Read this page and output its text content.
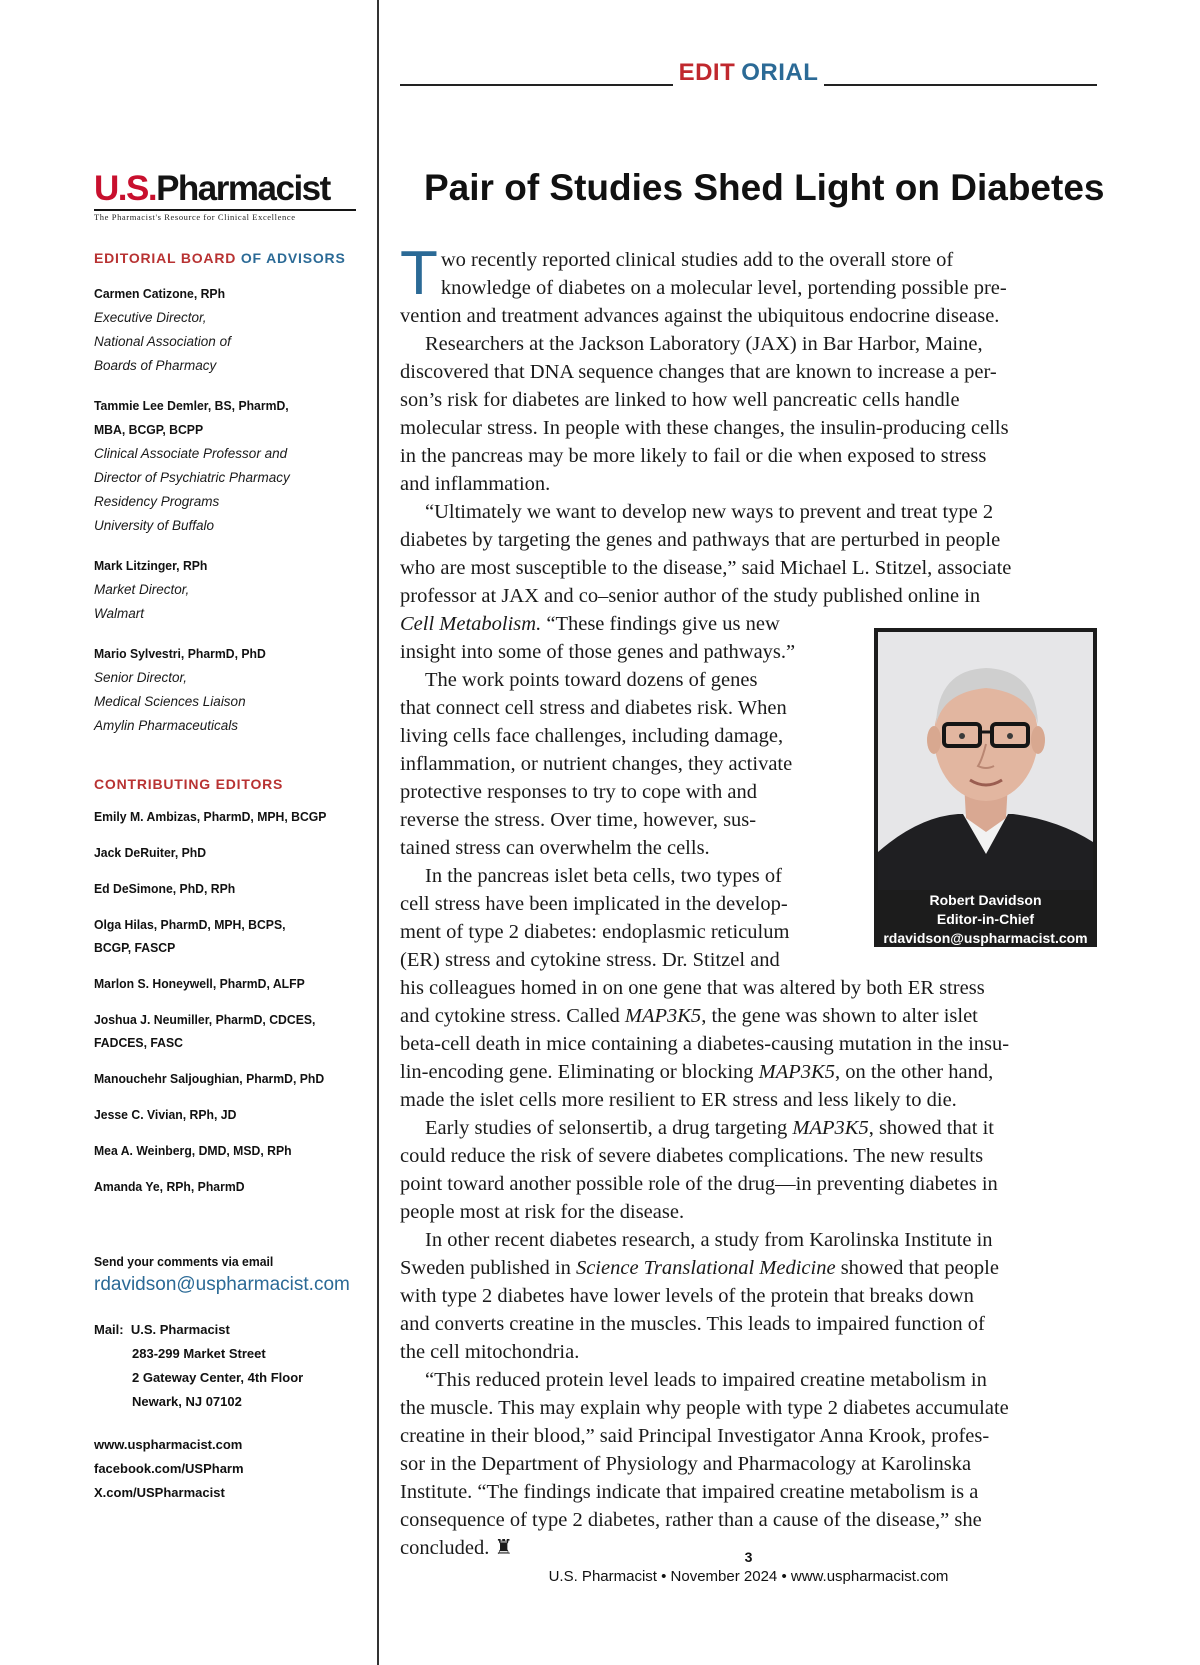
U.S.Pharmacist
The Pharmacist's Resource for Clinical Excellence
EDITORIAL BOARD OF ADVISORS
Carmen Catizone, RPh
Executive Director,
National Association of
Boards of Pharmacy
Tammie Lee Demler, BS, PharmD,
MBA, BCGP, BCPP
Clinical Associate Professor and
Director of Psychiatric Pharmacy
Residency Programs
University of Buffalo
Mark Litzinger, RPh
Market Director,
Walmart
Mario Sylvestri, PharmD, PhD
Senior Director,
Medical Sciences Liaison
Amylin Pharmaceuticals
CONTRIBUTING EDITORS
Emily M. Ambizas, PharmD, MPH, BCGP
Jack DeRuiter, PhD
Ed DeSimone, PhD, RPh
Olga Hilas, PharmD, MPH, BCPS,
BCGP, FASCP
Marlon S. Honeywell, PharmD, ALFP
Joshua J. Neumiller, PharmD, CDCES,
FADCES, FASC
Manouchehr Saljoughian, PharmD, PhD
Jesse C. Vivian, RPh, JD
Mea A. Weinberg, DMD, MSD, RPh
Amanda Ye, RPh, PharmD
Send your comments via email
rdavidson@uspharmacist.com
Mail: U.S. Pharmacist
283-299 Market Street
2 Gateway Center, 4th Floor
Newark, NJ 07102
www.uspharmacist.com
facebook.com/USPharm
X.com/USPharmacist
EDIT ORIAL
Pair of Studies Shed Light on Diabetes
T wo recently reported clinical studies add to the overall store of
knowledge of diabetes on a molecular level, portending possible pre-
vention and treatment advances against the ubiquitous endocrine disease.
Researchers at the Jackson Laboratory (JAX) in Bar Harbor, Maine,
discovered that DNA sequence changes that are known to increase a per-
son’s risk for diabetes are linked to how well pancreatic cells handle
molecular stress. In people with these changes, the insulin-producing cells
in the pancreas may be more likely to fail or die when exposed to stress
and inflammation.
“Ultimately we want to develop new ways to prevent and treat type 2
diabetes by targeting the genes and pathways that are perturbed in people
who are most susceptible to the disease,” said Michael L. Stitzel, associate
professor at JAX and co–senior author of the study published online in
Cell Metabolism. “These findings give us new
insight into some of those genes and pathways.”
The work points toward dozens of genes
that connect cell stress and diabetes risk. When
living cells face challenges, including damage,
inflammation, or nutrient changes, they activate
protective responses to try to cope with and
reverse the stress. Over time, however, sus-
tained stress can overwhelm the cells.
In the pancreas islet beta cells, two types of
cell stress have been implicated in the develop-
ment of type 2 diabetes: endoplasmic reticulum
(ER) stress and cytokine stress. Dr. Stitzel and
his colleagues homed in on one gene that was altered by both ER stress
and cytokine stress. Called MAP3K5, the gene was shown to alter islet
beta-cell death in mice containing a diabetes-causing mutation in the insu-
lin-encoding gene. Eliminating or blocking MAP3K5, on the other hand,
made the islet cells more resilient to ER stress and less likely to die.
Early studies of selonsertib, a drug targeting MAP3K5, showed that it
could reduce the risk of severe diabetes complications. The new results
point toward another possible role of the drug—in preventing diabetes in
people most at risk for the disease.
In other recent diabetes research, a study from Karolinska Institute in
Sweden published in Science Translational Medicine showed that people
with type 2 diabetes have lower levels of the protein that breaks down
and converts creatine in the muscles. This leads to impaired function of
the cell mitochondria.
“This reduced protein level leads to impaired creatine metabolism in
the muscle. This may explain why people with type 2 diabetes accumulate
creatine in their blood,” said Principal Investigator Anna Krook, profes-
sor in the Department of Physiology and Pharmacology at Karolinska
Institute. “The findings indicate that impaired creatine metabolism is a
consequence of type 2 diabetes, rather than a cause of the disease,” she
concluded. ♜
Robert Davidson
Editor-in-Chief
rdavidson@uspharmacist.com
3
U.S. Pharmacist • November 2024 • www.uspharmacist.com
